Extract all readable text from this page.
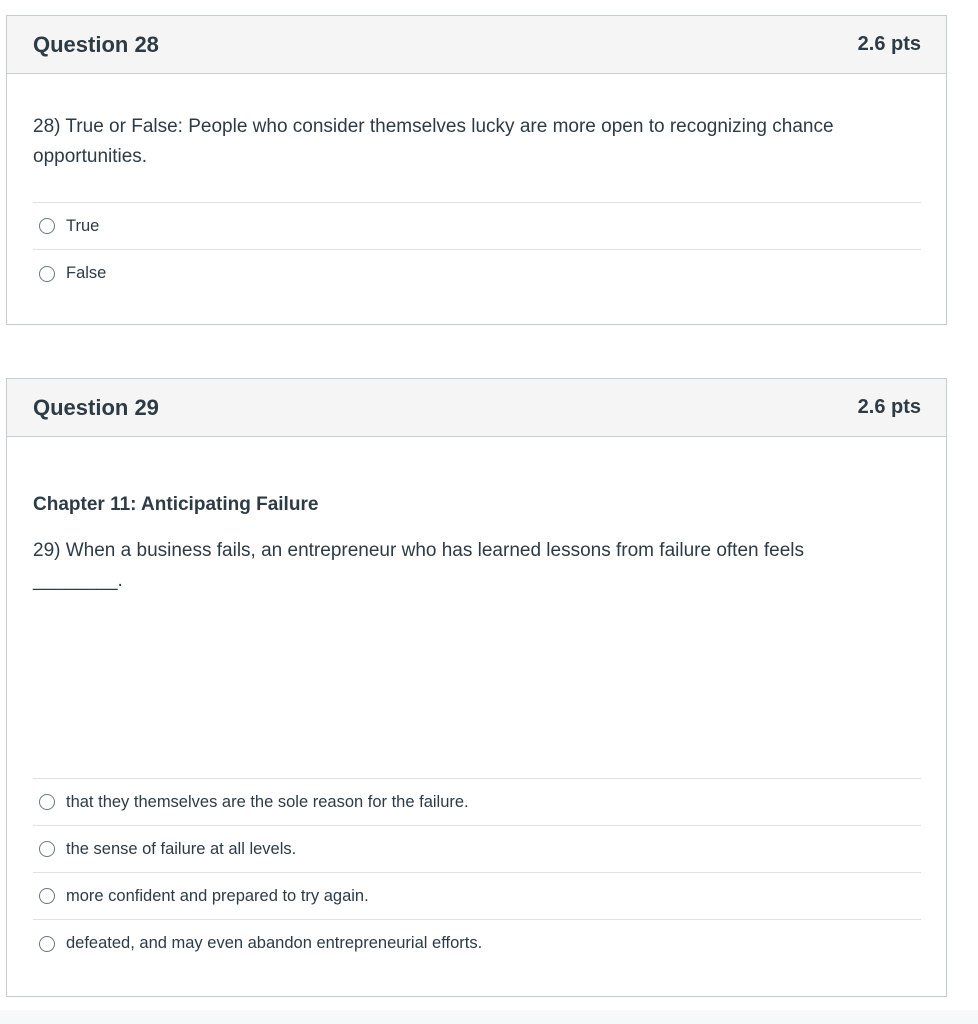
Question 28	2.6 pts

28) True or False: People who consider themselves lucky are more open to recognizing chance opportunities.

True
False
Question 29	2.6 pts

Chapter 11: Anticipating Failure

29) When a business fails, an entrepreneur who has learned lessons from failure often feels

________.

that they themselves are the sole reason for the failure.
the sense of failure at all levels.
more confident and prepared to try again.
defeated, and may even abandon entrepreneurial efforts.
